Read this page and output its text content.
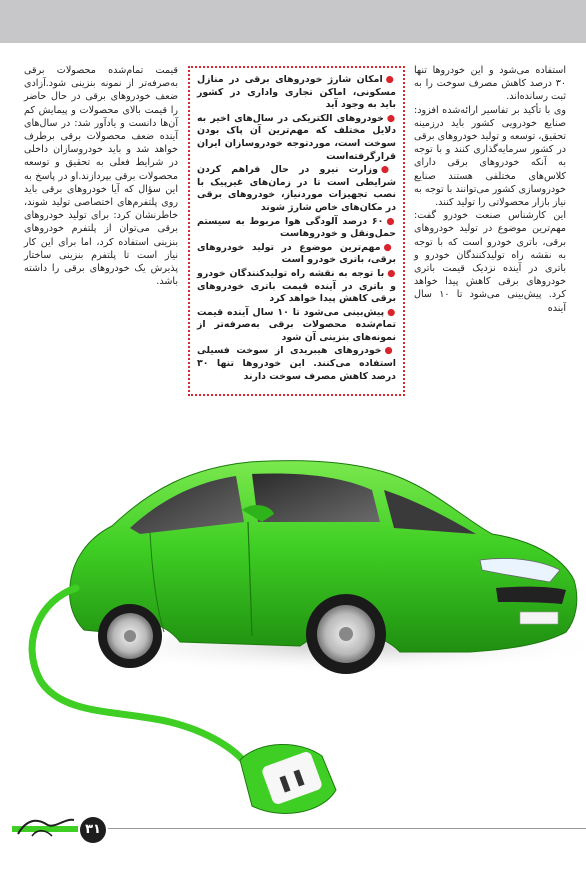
استفاده می‌شود و این خودروها تنها ۳۰ درصد کاهش مصرف سوخت را به ثبت رسانده‌اند.

وی با تأکید بر تفاسیر ارائه‌شده افزود: صنایع خودرویی کشور باید درزمینه تحقیق، توسعه و تولید خودروهای برقی در کشور سرمایه‌گذاری کنند و با توجه به آنکه خودروهای برقی دارای کلاس‌های مختلفی هستند صنایع خودروسازی کشور می‌توانند با توجه به نیاز بازار محصولاتی را تولید کنند.

این کارشناس صنعت خودرو گفت: مهم‌ترین موضوع در تولید خودروهای برقی، باتری خودرو است که با توجه به نقشه راه تولیدکنندگان خودرو و باتری در آینده نزدیک قیمت باتری خودروهای برقی کاهش پیدا خواهد کرد. پیش‌بینی می‌شود تا ۱۰ سال آینده

●امکان شارژ خودروهای برقی در منازل مسکونی، اماکن تجاری واداری در کشور باید به وجود آید
●خودروهای الکتریکی در سال‌های اخیر به دلایل مختلف که مهم‌ترین آن پاک بودن سوخت است، موردتوجه خودروسازان ایران قرارگرفته‌است
●وزارت نیرو در حال فراهم کردن شرایطی است تا در زمان‌های غیرپیک با نصب تجهیزات موردنیاز، خودروهای برقی در مکان‌های خاص شارژ شوند
●۶۰ درصد آلودگی هوا مربوط به سیستم حمل‌ونقل و خودروهاست
●مهم‌ترین موضوع در تولید خودروهای برقی، باتری خودرو است
●با توجه به نقشه راه تولیدکنندگان خودرو و باتری در آینده قیمت باتری خودروهای برقی کاهش پیدا خواهد کرد
●پیش‌بینی می‌شود تا ۱۰ سال آینده قیمت تمام‌شده محصولات برقی به‌صرفه‌تر از نمونه‌های بنزینی آن شود
●خودروهای هیبریدی از سوخت فسیلی استفاده می‌کنند. این خودروها تنها ۳۰ درصد کاهش مصرف سوخت دارند

قیمت تمام‌شده محصولات برقی به‌صرفه‌تر از نمونه بنزینی شود.آزادی ضعف خودروهای برقی در حال حاضر را قیمت بالای محصولات و پیمایش کم آن‌ها دانست و یادآور شد: در سال‌های آینده ضعف محصولات برقی برطرف خواهد شد و باید خودروسازان داخلی در شرایط فعلی به تحقیق و توسعه محصولات برقی بپردازند.او در پاسخ به این سؤال که آیا خودروهای برقی باید روی پلتفرم‌های اختصاصی تولید شوند، خاطرنشان کرد: برای تولید خودروهای برقی می‌توان از پلتفرم خودروهای بنزینی استفاده کرد، اما برای این کار نیاز است تا پلتفرم بنزینی ساختار پذیرش یک خودروهای برقی را داشته باشد.

۳۱
